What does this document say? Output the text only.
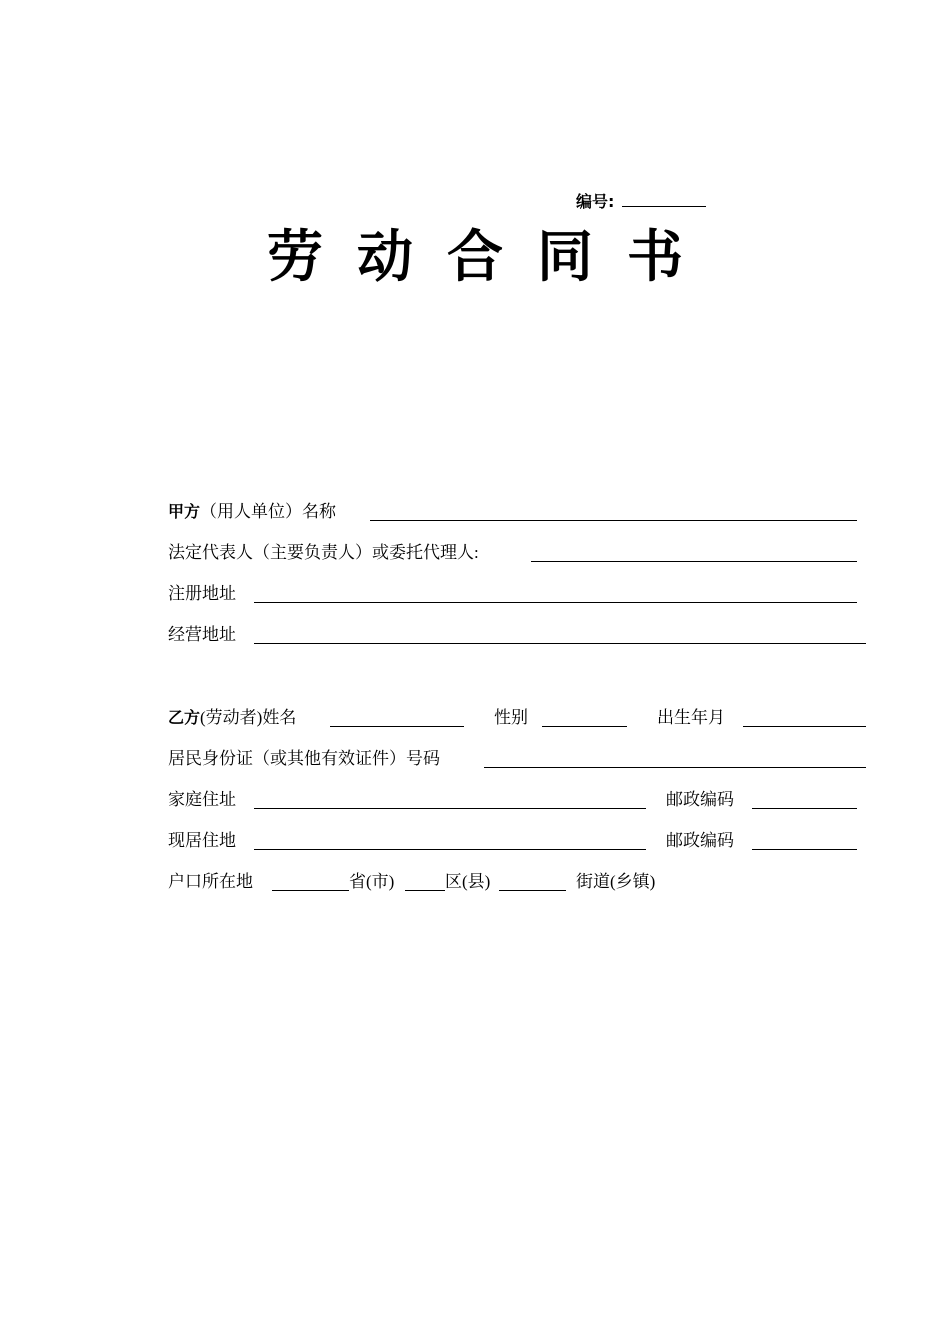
编号:
劳动合同书
甲方（用人单位）名称
法定代表人（主要负责人）或委托代理人:
注册地址
经营地址
乙方(劳动者)姓名	性别	出生年月
居民身份证（或其他有效证件）号码
家庭住址	邮政编码
现居住地	邮政编码
户口所在地	省(市)	区(县)	街道(乡镇)
